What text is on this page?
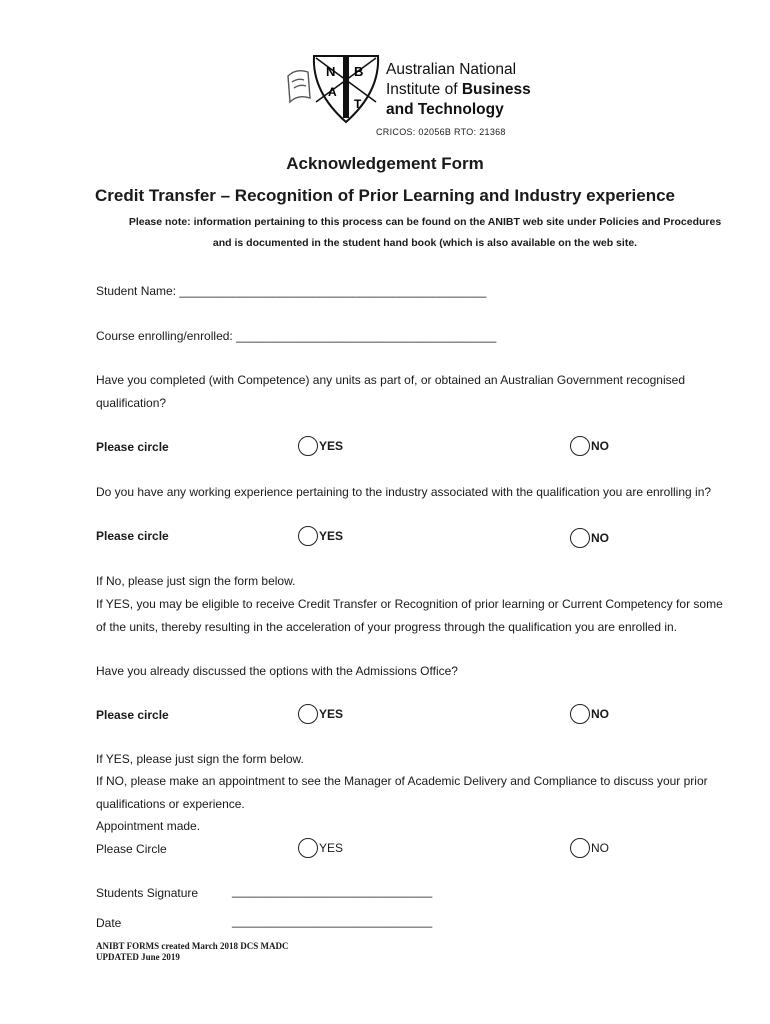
N B
A
T
Australian National
Institute of Business
and Technology
CRICOS: 02056B RTO: 21368
Acknowledgement Form
Credit Transfer – Recognition of Prior Learning and Industry experience
Please note: information pertaining to this process can be found on the ANIBT web site under Policies and Procedures
and is documented in the student hand book (which is also available on the web site.
Student Name: ______________________________________________
Course enrolling/enrolled: _______________________________________
Have you completed (with Competence) any units as part of, or obtained an Australian Government recognised
qualification?
Please circle	YES	NO
Do you have any working experience pertaining to the industry associated with the qualification you are enrolling in?
Please circle	YES	NO
If No, please just sign the form below.
If YES, you may be eligible to receive Credit Transfer or Recognition of prior learning or Current Competency for some
of the units, thereby resulting in the acceleration of your progress through the qualification you are enrolled in.
Have you already discussed the options with the Admissions Office?
Please circle	YES	NO
If YES, please just sign the form below.
If NO, please make an appointment to see the Manager of Academic Delivery and Compliance to discuss your prior
qualifications or experience.
Appointment made.
Please Circle	YES	NO
Students Signature	______________________________
Date	______________________________
ANIBT FORMS created March 2018 DCS MADC
UPDATED June 2019
